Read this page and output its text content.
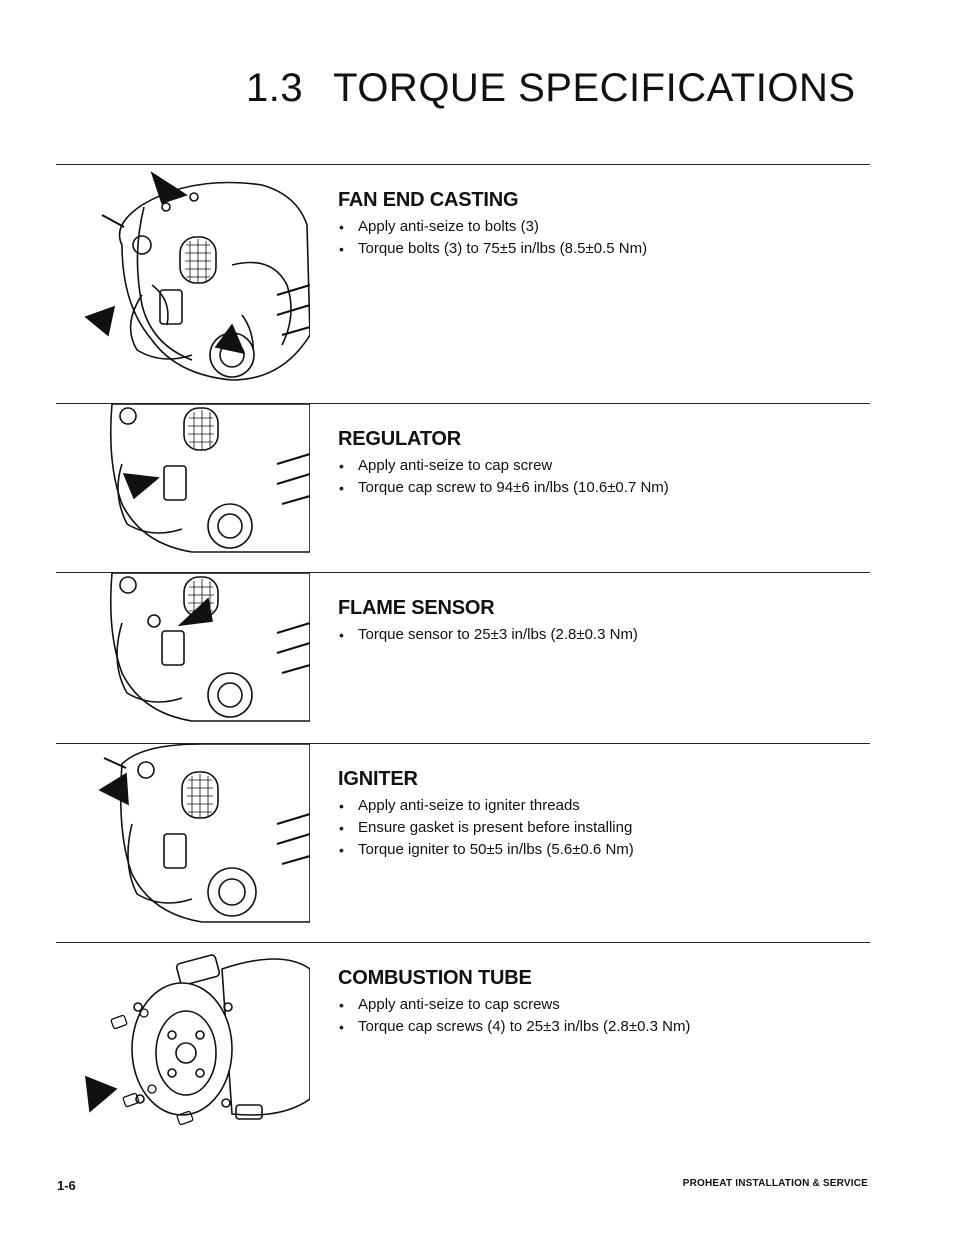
1.3 TORQUE SPECIFICATIONS
FAN END CASTING
• Apply anti-seize to bolts (3)
• Torque bolts (3) to 75±5 in/lbs (8.5±0.5 Nm)
REGULATOR
• Apply anti-seize to cap screw
• Torque cap screw to 94±6 in/lbs (10.6±0.7 Nm)
FLAME SENSOR
• Torque sensor to 25±3 in/lbs (2.8±0.3 Nm)
IGNITER
• Apply anti-seize to igniter threads
• Ensure gasket is present before installing
• Torque igniter to 50±5 in/lbs (5.6±0.6 Nm)
COMBUSTION TUBE
• Apply anti-seize to cap screws
• Torque cap screws (4) to 25±3 in/lbs (2.8±0.3 Nm)
1-6	PROHEAT INSTALLATION & SERVICE
